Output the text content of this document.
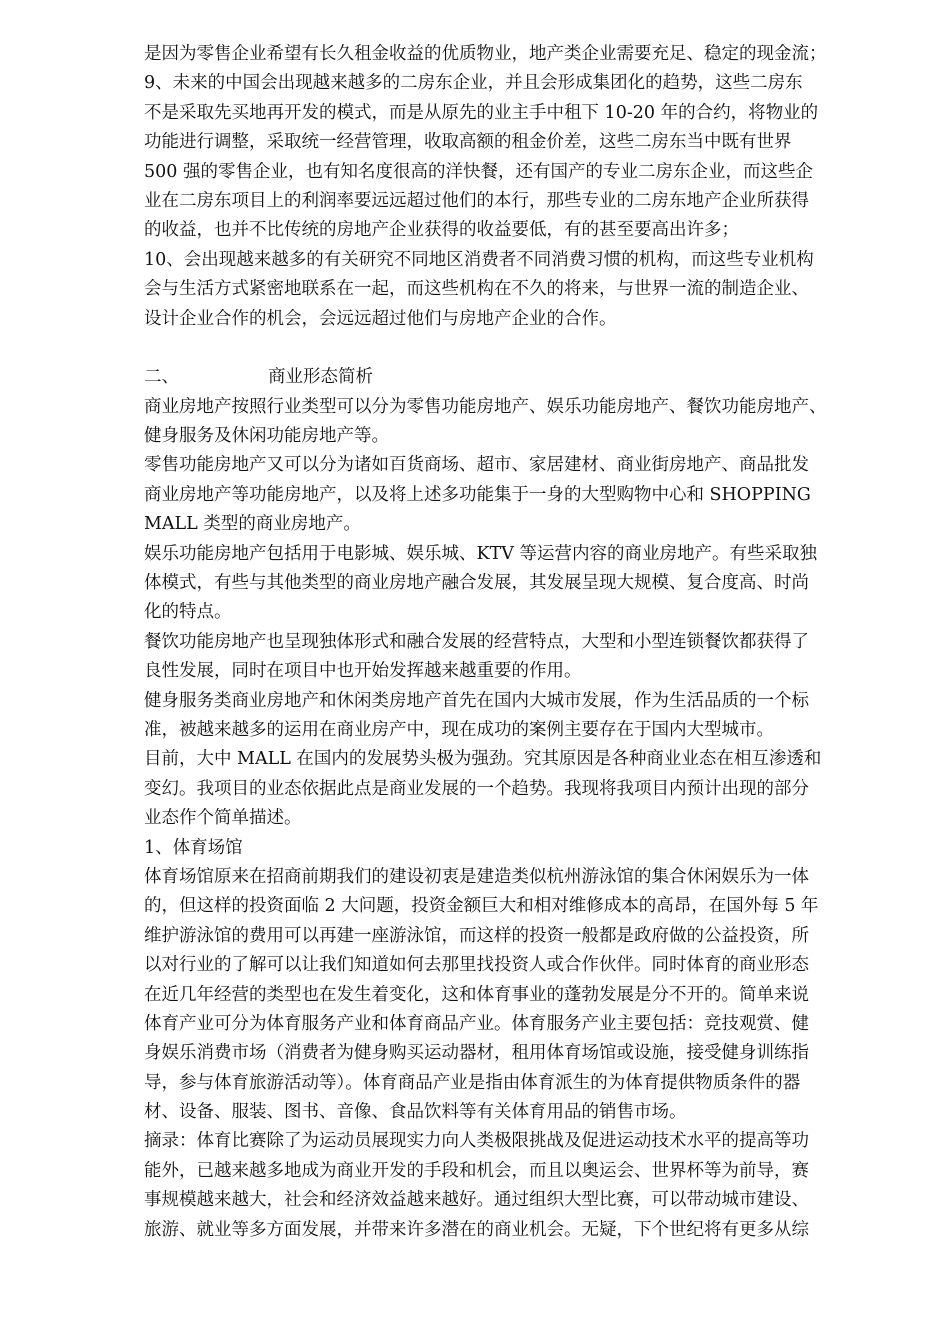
是因为零售企业希望有长久租金收益的优质物业，地产类企业需要充足、稳定的现金流；
9、未来的中国会出现越来越多的二房东企业，并且会形成集团化的趋势，这些二房东
不是采取先买地再开发的模式，而是从原先的业主手中租下 10-20 年的合约，将物业的
功能进行调整，采取统一经营管理，收取高额的租金价差，这些二房东当中既有世界
500 强的零售企业，也有知名度很高的洋快餐，还有国产的专业二房东企业，而这些企
业在二房东项目上的利润率要远远超过他们的本行，那些专业的二房东地产企业所获得
的收益，也并不比传统的房地产企业获得的收益要低，有的甚至要高出许多；
10、会出现越来越多的有关研究不同地区消费者不同消费习惯的机构，而这些专业机构
会与生活方式紧密地联系在一起，而这些机构在不久的将来，与世界一流的制造企业、
设计企业合作的机会，会远远超过他们与房地产企业的合作。
二、	商业形态简析
商业房地产按照行业类型可以分为零售功能房地产、娱乐功能房地产、餐饮功能房地产、
健身服务及休闲功能房地产等。
零售功能房地产又可以分为诸如百货商场、超市、家居建材、商业街房地产、商品批发
商业房地产等功能房地产，以及将上述多功能集于一身的大型购物中心和 SHOPPING
MALL 类型的商业房地产。
娱乐功能房地产包括用于电影城、娱乐城、KTV 等运营内容的商业房地产。有些采取独
体模式，有些与其他类型的商业房地产融合发展，其发展呈现大规模、复合度高、时尚
化的特点。
餐饮功能房地产也呈现独体形式和融合发展的经营特点，大型和小型连锁餐饮都获得了
良性发展，同时在项目中也开始发挥越来越重要的作用。
健身服务类商业房地产和休闲类房地产首先在国内大城市发展，作为生活品质的一个标
准，被越来越多的运用在商业房产中，现在成功的案例主要存在于国内大型城市。
目前，大中 MALL 在国内的发展势头极为强劲。究其原因是各种商业业态在相互渗透和
变幻。我项目的业态依据此点是商业发展的一个趋势。我现将我项目内预计出现的部分
业态作个简单描述。
1、体育场馆
体育场馆原来在招商前期我们的建设初衷是建造类似杭州游泳馆的集合休闲娱乐为一体
的，但这样的投资面临 2 大问题，投资金额巨大和相对维修成本的高昂，在国外每 5 年
维护游泳馆的费用可以再建一座游泳馆，而这样的投资一般都是政府做的公益投资，所
以对行业的了解可以让我们知道如何去那里找投资人或合作伙伴。同时体育的商业形态
在近几年经营的类型也在发生着变化，这和体育事业的蓬勃发展是分不开的。简单来说
体育产业可分为体育服务产业和体育商品产业。体育服务产业主要包括：竞技观赏、健
身娱乐消费市场（消费者为健身购买运动器材，租用体育场馆或设施，接受健身训练指
导，参与体育旅游活动等）。体育商品产业是指由体育派生的为体育提供物质条件的器
材、设备、服装、图书、音像、食品饮料等有关体育用品的销售市场。
摘录：体育比赛除了为运动员展现实力向人类极限挑战及促进运动技术水平的提高等功
能外，已越来越多地成为商业开发的手段和机会，而且以奥运会、世界杯等为前导，赛
事规模越来越大，社会和经济效益越来越好。通过组织大型比赛，可以带动城市建设、
旅游、就业等多方面发展，并带来许多潜在的商业机会。无疑，下个世纪将有更多从综
